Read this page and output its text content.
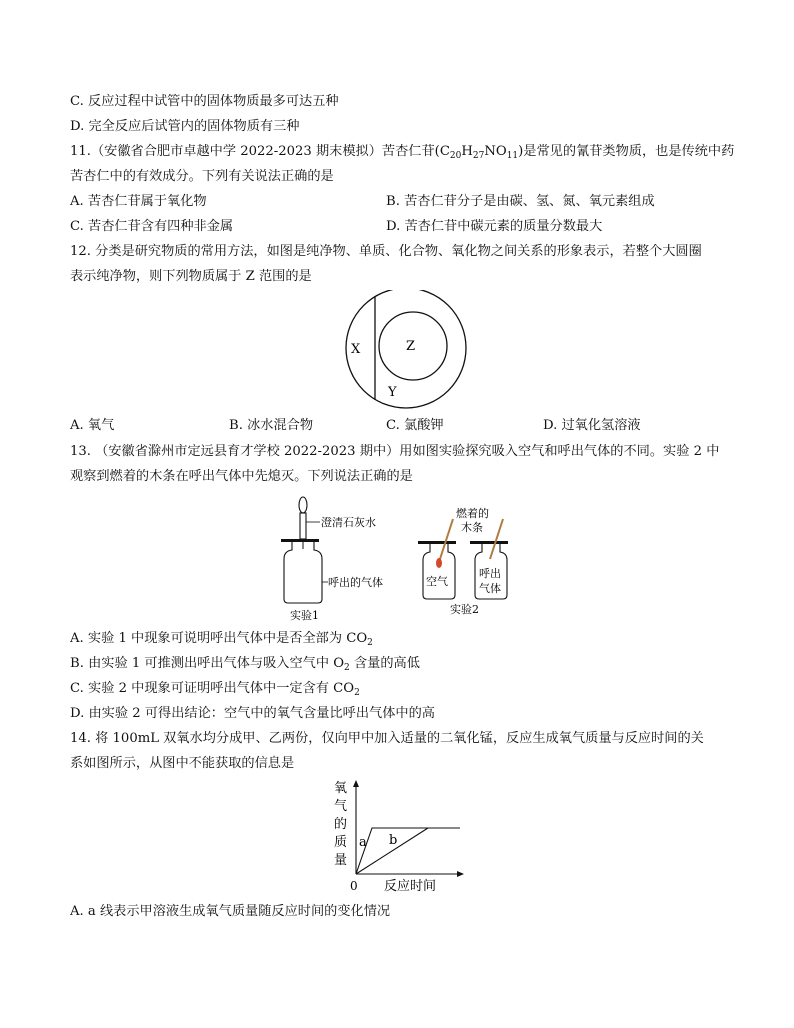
C. 反应过程中试管中的固体物质最多可达五种
D. 完全反应后试管内的固体物质有三种
11.（安徽省合肥市卓越中学 2022-2023 期末模拟）苦杏仁苷$(C_{20}H_{27}NO_{11})$是常见的氰苷类物质，也是传统中药
苦杏仁中的有效成分。下列有关说法正确的是
A. 苦杏仁苷属于氧化物	B. 苦杏仁苷分子是由碳、氢、氮、氧元素组成
C. 苦杏仁苷含有四种非金属	D. 苦杏仁苷中碳元素的质量分数最大
12. 分类是研究物质的常用方法，如图是纯净物、单质、化合物、氧化物之间关系的形象表示，若整个大圆圈
表示纯净物，则下列物质属于 Z 范围的是
X	Z
Y
A. 氧气	B. 冰水混合物	C. 氯酸钾	D. 过氧化氢溶液
13. （安徽省滁州市定远县育才学校 2022-2023 期中）用如图实验探究吸入空气和呼出气体的不同。实验 2 中
观察到燃着的木条在呼出气体中先熄灭。下列说法正确的是
澄清石灰水
呼出的气体
实验1
燃着的
木条
空气
呼出
气体
实验2
A. 实验 1 中现象可说明呼出气体中是否全部为 $CO_2$
B. 由实验 1 可推测出呼出气体与吸入空气中 $O_2$ 含量的高低
C. 实验 2 中现象可证明呼出气体中一定含有 $CO_2$
D. 由实验 2 可得出结论：空气中的氧气含量比呼出气体中的高
14. 将 100mL 双氧水均分成甲、乙两份，仅向甲中加入适量的二氧化锰，反应生成氧气质量与反应时间的关
系如图所示，从图中不能获取的信息是
氧
气
的
质
量
a b
0 反应时间
A. a 线表示甲溶液生成氧气质量随反应时间的变化情况
